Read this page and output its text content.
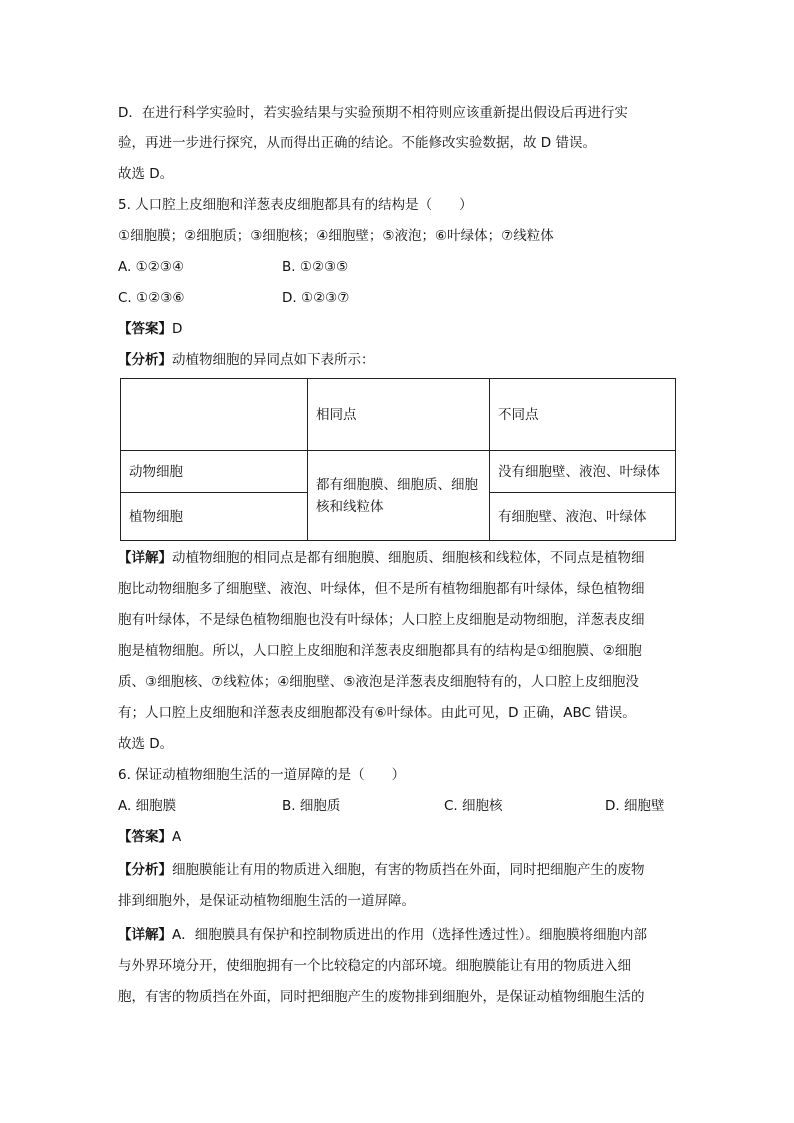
D．在进行科学实验时，若实验结果与实验预期不相符则应该重新提出假设后再进行实
验，再进一步进行探究，从而得出正确的结论。不能修改实验数据，故 D 错误。
故选 D。
5. 人口腔上皮细胞和洋葱表皮细胞都具有的结构是（　　）
①细胞膜；②细胞质；③细胞核；④细胞壁；⑤液泡；⑥叶绿体；⑦线粒体
A. ①②③④	B. ①②③⑤
C. ①②③⑥	D. ①②③⑦
【答案】D
【分析】动植物细胞的异同点如下表所示：
	相同点	不同点
动物细胞	都有细胞膜、细胞质、细胞核和线粒体	没有细胞壁、液泡、叶绿体
植物细胞		有细胞壁、液泡、叶绿体
【详解】动植物细胞的相同点是都有细胞膜、细胞质、细胞核和线粒体，不同点是植物细
胞比动物细胞多了细胞壁、液泡、叶绿体，但不是所有植物细胞都有叶绿体，绿色植物细
胞有叶绿体，不是绿色植物细胞也没有叶绿体；人口腔上皮细胞是动物细胞，洋葱表皮细
胞是植物细胞。所以，人口腔上皮细胞和洋葱表皮细胞都具有的结构是①细胞膜、②细胞
质、③细胞核、⑦线粒体；④细胞壁、⑤液泡是洋葱表皮细胞特有的，人口腔上皮细胞没
有；人口腔上皮细胞和洋葱表皮细胞都没有⑥叶绿体。由此可见，D 正确，ABC 错误。
故选 D。
6. 保证动植物细胞生活的一道屏障的是（　　）
A. 细胞膜	B. 细胞质	C. 细胞核	D. 细胞壁
【答案】A
【分析】细胞膜能让有用的物质进入细胞，有害的物质挡在外面，同时把细胞产生的废物
排到细胞外，是保证动植物细胞生活的一道屏障。
【详解】A．细胞膜具有保护和控制物质进出的作用（选择性透过性）。细胞膜将细胞内部
与外界环境分开，使细胞拥有一个比较稳定的内部环境。细胞膜能让有用的物质进入细
胞，有害的物质挡在外面，同时把细胞产生的废物排到细胞外，是保证动植物细胞生活的
